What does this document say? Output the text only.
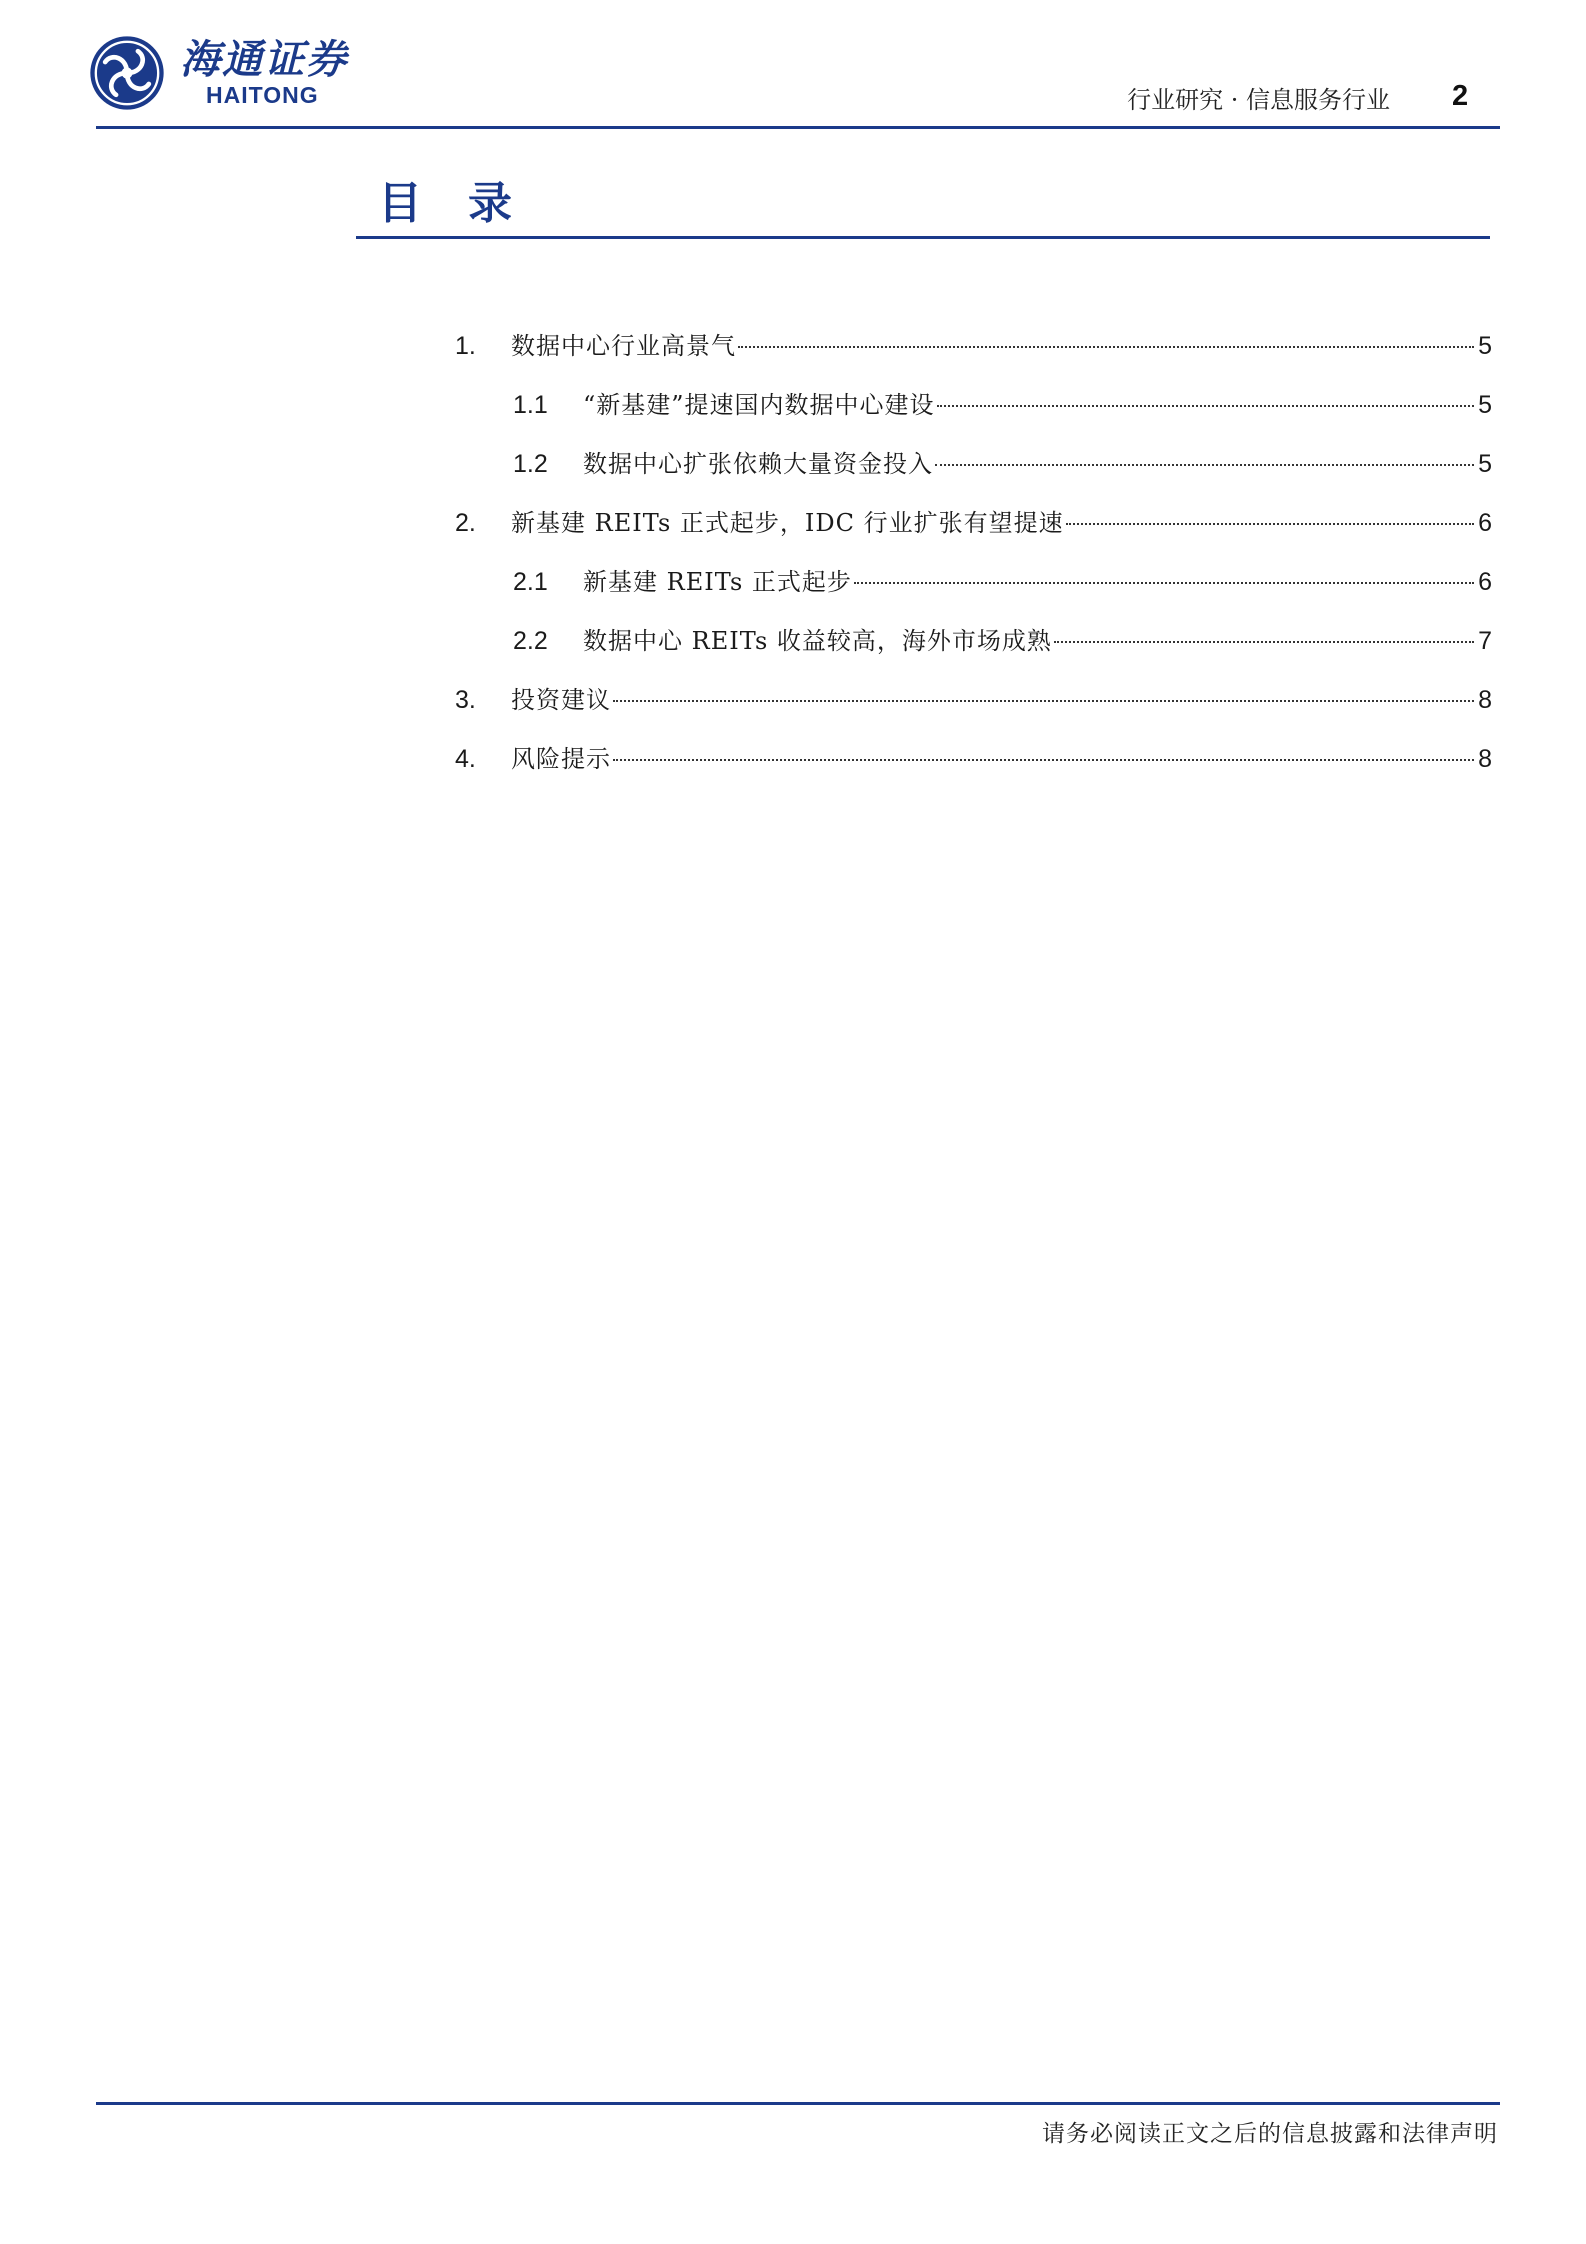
海通证券
HAITONG	行业研究 · 信息服务行业 2
目录
1.	数据中心行业高景气	5
1.1	“新基建”提速国内数据中心建设	5
1.2	数据中心扩张依赖大量资金投入	5
2.	新基建 REITs 正式起步，IDC 行业扩张有望提速	6
2.1	新基建 REITs 正式起步	6
2.2	数据中心 REITs 收益较高，海外市场成熟	7
3.	投资建议	8
4.	风险提示	8
请务必阅读正文之后的信息披露和法律声明
